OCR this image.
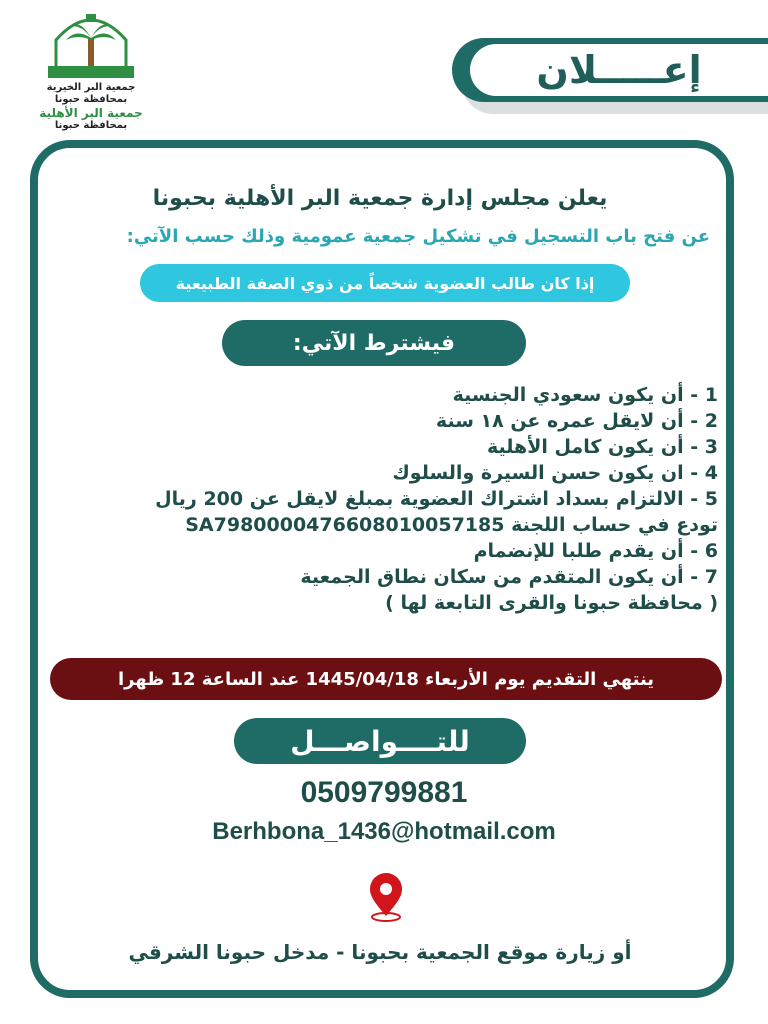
جمعية البر الخيرية بمحافظة حبونا
جمعية البر الأهلية
بمحافظة حبونا
إعـــــلان
يعلن مجلس إدارة جمعية البر الأهلية بحبونا
عن فتح باب التسجيل في تشكيل جمعية عمومية وذلك حسب الآتي:
إذا كان طالب العضوية شخصاً من ذوي الصفة الطبيعية
فيشترط الآتي:
1 - أن يكون سعودي الجنسية
2 - أن لايقل عمره عن ١٨ سنة
3 - أن يكون كامل الأهلية
4 - ان يكون حسن السيرة والسلوك
5 - الالتزام بسداد اشتراك العضوية بمبلغ لايقل عن 200 ريال
تودع في حساب اللجنة SA7980000476608010057185
6 - أن يقدم طلبا للإنضمام
7 - أن يكون المتقدم من سكان نطاق الجمعية
( محافظة حبونا والقرى التابعة لها )
ينتهي التقديم يوم الأربعاء 1445/04/18 عند الساعة 12 ظهرا
للتــــواصـــل
0509799881
Berhbona_1436@hotmail.com
أو زيارة موقع الجمعية بحبونا - مدخل حبونا الشرقي
